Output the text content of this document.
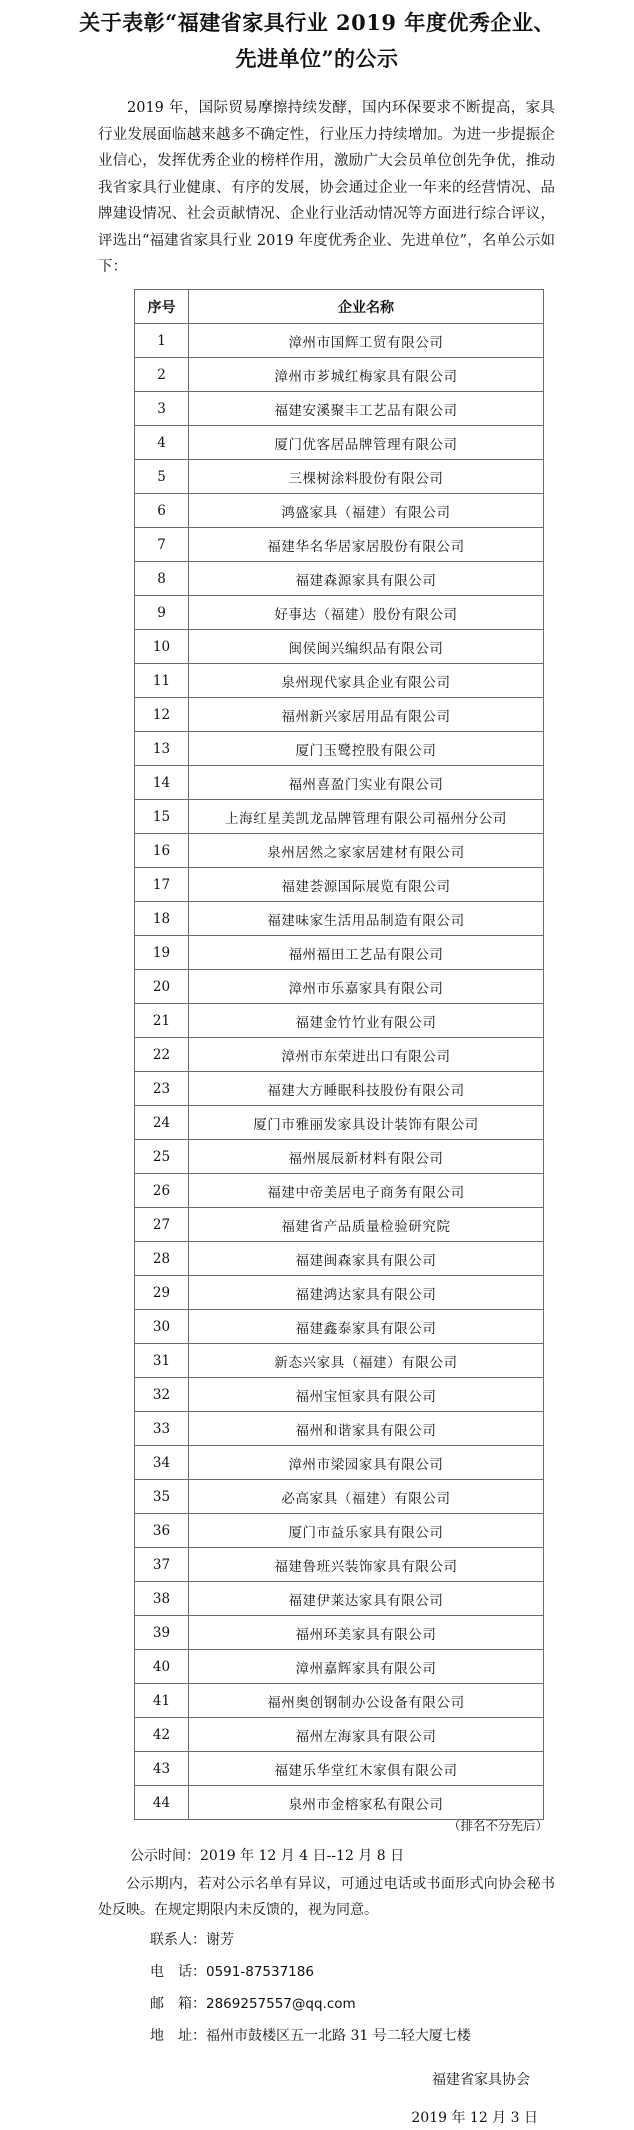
关于表彰“福建省家具行业 2019 年度优秀企业、
先进单位”的公示

2019 年，国际贸易摩擦持续发酵，国内环保要求不断提高，家具行业发展面临越来越多不确定性，行业压力持续增加。为进一步提振企业信心，发挥优秀企业的榜样作用，激励广大会员单位创先争优，推动我省家具行业健康、有序的发展，协会通过企业一年来的经营情况、品牌建设情况、社会贡献情况、企业行业活动情况等方面进行综合评议，评选出“福建省家具行业 2019 年度优秀企业、先进单位”，名单公示如下：

序号	企业名称
1	漳州市国辉工贸有限公司
2	漳州市芗城红梅家具有限公司
3	福建安溪聚丰工艺品有限公司
4	厦门优客居品牌管理有限公司
5	三棵树涂料股份有限公司
6	鸿盛家具（福建）有限公司
7	福建华名华居家居股份有限公司
8	福建森源家具有限公司
9	好事达（福建）股份有限公司
10	闽侯闽兴编织品有限公司
11	泉州现代家具企业有限公司
12	福州新兴家居用品有限公司
13	厦门玉鹭控股有限公司
14	福州喜盈门实业有限公司
15	上海红星美凯龙品牌管理有限公司福州分公司
16	泉州居然之家家居建材有限公司
17	福建荟源国际展览有限公司
18	福建味家生活用品制造有限公司
19	福州福田工艺品有限公司
20	漳州市乐嘉家具有限公司
21	福建金竹竹业有限公司
22	漳州市东荣进出口有限公司
23	福建大方睡眠科技股份有限公司
24	厦门市雅丽发家具设计装饰有限公司
25	福州展辰新材料有限公司
26	福建中帝美居电子商务有限公司
27	福建省产品质量检验研究院
28	福建闽森家具有限公司
29	福建鸿达家具有限公司
30	福建鑫泰家具有限公司
31	新态兴家具（福建）有限公司
32	福州宝恒家具有限公司
33	福州和谐家具有限公司
34	漳州市梁园家具有限公司
35	必高家具（福建）有限公司
36	厦门市益乐家具有限公司
37	福建鲁班兴装饰家具有限公司
38	福建伊莱达家具有限公司
39	福州环美家具有限公司
40	漳州嘉辉家具有限公司
41	福州奥创钢制办公设备有限公司
42	福州左海家具有限公司
43	福建乐华堂红木家俱有限公司
44	泉州市金榕家私有限公司
（排名不分先后）

公示时间：2019 年 12 月 4 日--12 月 8 日

公示期内，若对公示名单有异议，可通过电话或书面形式向协会秘书处反映。在规定期限内未反馈的，视为同意。

联系人：谢芳
电　话：0591-87537186
邮　箱：2869257557@qq.com
地　址：福州市鼓楼区五一北路 31 号二轻大厦七楼
福建省家具协会
2019 年 12 月 3 日
